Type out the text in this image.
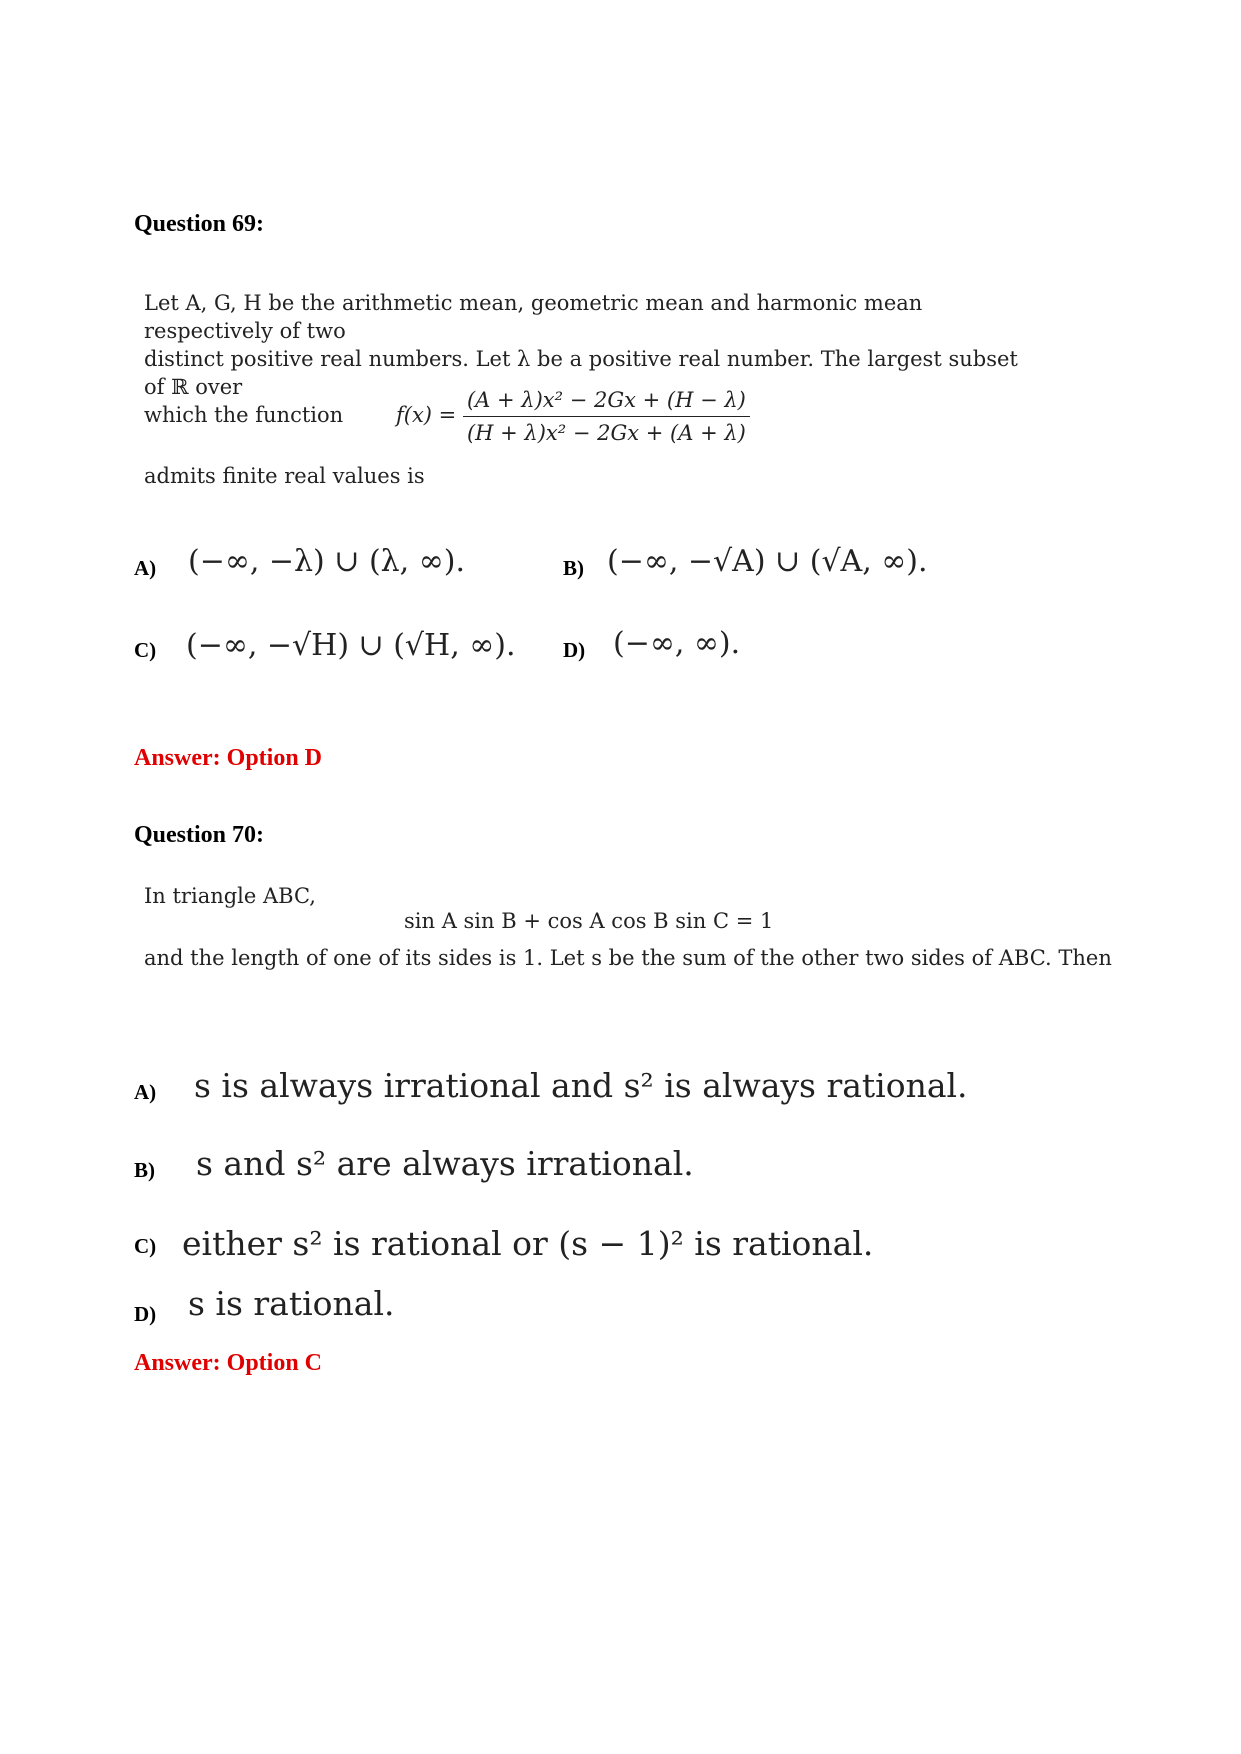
Question 69:
Let A, G, H be the arithmetic mean, geometric mean and harmonic mean respectively of two
distinct positive real numbers. Let λ be a positive real number. The largest subset of ℝ over
which the function	$f(x) = \frac{\text{(A + λ)x² − 2Gx + (H − λ)}}{\text{(H + λ)x² − 2Gx + (A + λ)}}$
admits finite real values is
A) (−∞, −λ) ∪ (λ, ∞).	B) (−∞, −√A) ∪ (√A, ∞).
C) (−∞, −√H) ∪ (√H, ∞). D) (−∞, ∞).
Answer: Option D
Question 70:
In triangle ABC,
sin A sin B + cos A cos B sin C = 1
and the length of one of its sides is 1. Let s be the sum of the other two sides of ABC. Then
A) s is always irrational and s² is always rational.
B) s and s² are always irrational.
C) either s² is rational or (s − 1)² is rational.
D) s is rational.
Answer: Option C
